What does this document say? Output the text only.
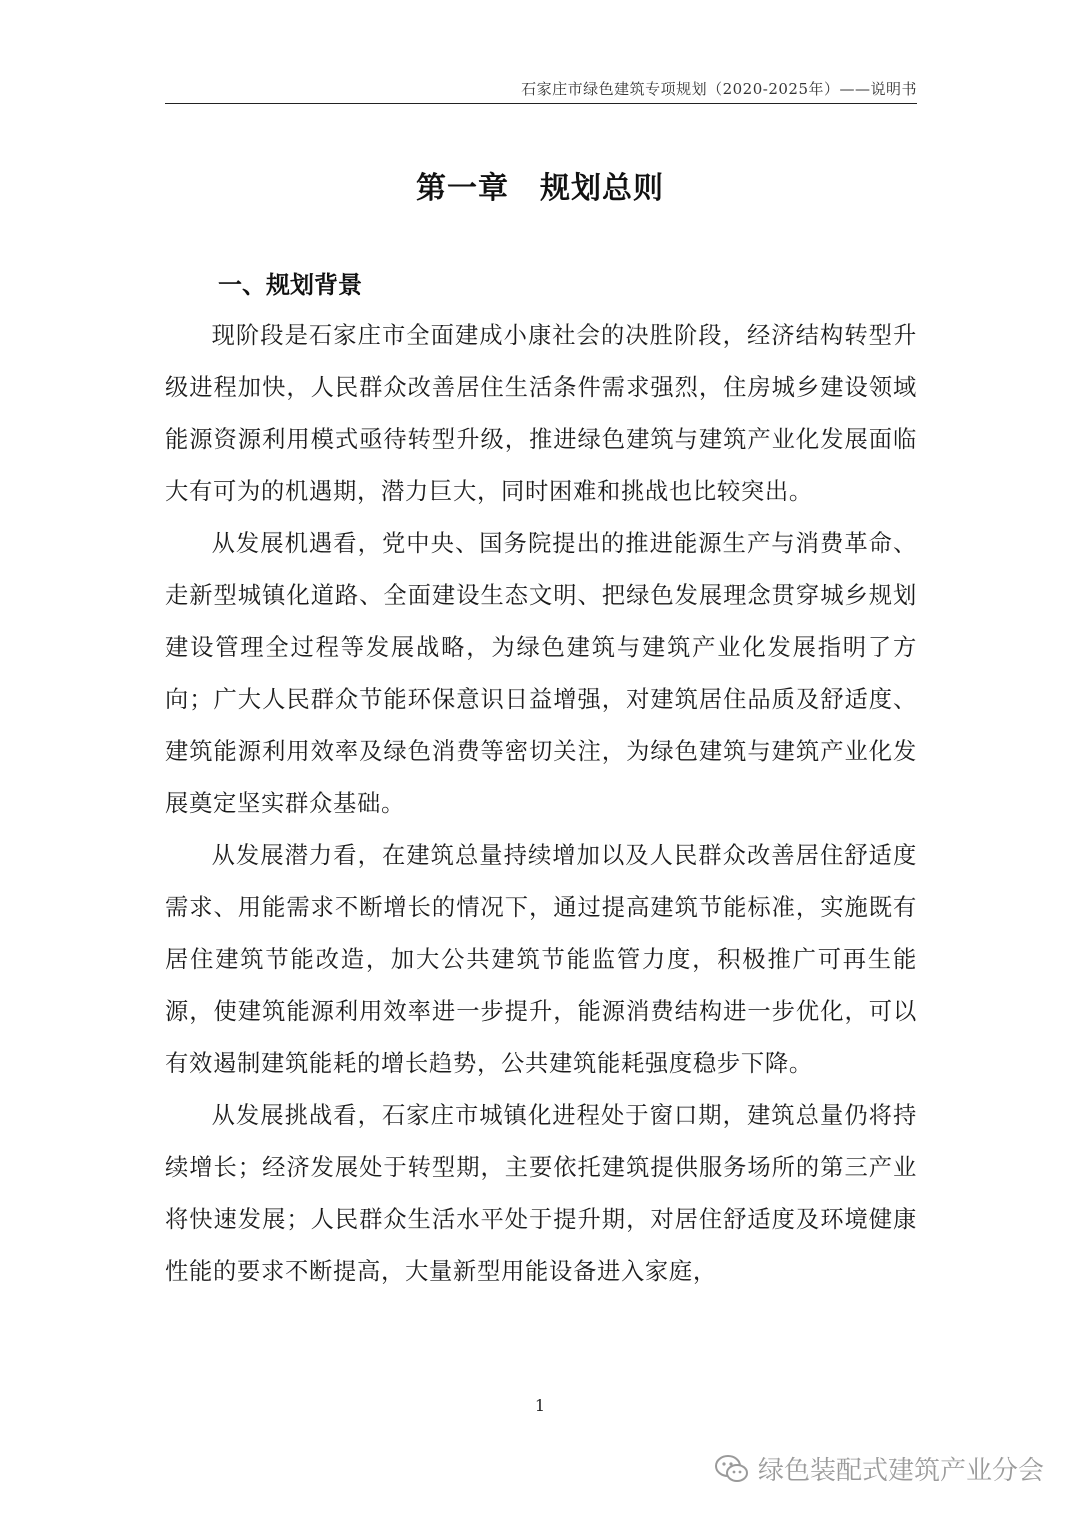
石家庄市绿色建筑专项规划（2020-2025年）——说明书
第一章　规划总则
一、规划背景

现阶段是石家庄市全面建成小康社会的决胜阶段，经济结构转型升级进程加快，人民群众改善居住生活条件需求强烈，住房城乡建设领域能源资源利用模式亟待转型升级，推进绿色建筑与建筑产业化发展面临大有可为的机遇期，潜力巨大，同时困难和挑战也比较突出。

从发展机遇看，党中央、国务院提出的推进能源生产与消费革命、走新型城镇化道路、全面建设生态文明、把绿色发展理念贯穿城乡规划建设管理全过程等发展战略，为绿色建筑与建筑产业化发展指明了方向；广大人民群众节能环保意识日益增强，对建筑居住品质及舒适度、建筑能源利用效率及绿色消费等密切关注，为绿色建筑与建筑产业化发展奠定坚实群众基础。

从发展潜力看，在建筑总量持续增加以及人民群众改善居住舒适度需求、用能需求不断增长的情况下，通过提高建筑节能标准，实施既有居住建筑节能改造，加大公共建筑节能监管力度，积极推广可再生能源，使建筑能源利用效率进一步提升，能源消费结构进一步优化，可以有效遏制建筑能耗的增长趋势，公共建筑能耗强度稳步下降。

从发展挑战看，石家庄市城镇化进程处于窗口期，建筑总量仍将持续增长；经济发展处于转型期，主要依托建筑提供服务场所的第三产业将快速发展；人民群众生活水平处于提升期，对居住舒适度及环境健康性能的要求不断提高，大量新型用能设备进入家庭，

1
绿色装配式建筑产业分会
